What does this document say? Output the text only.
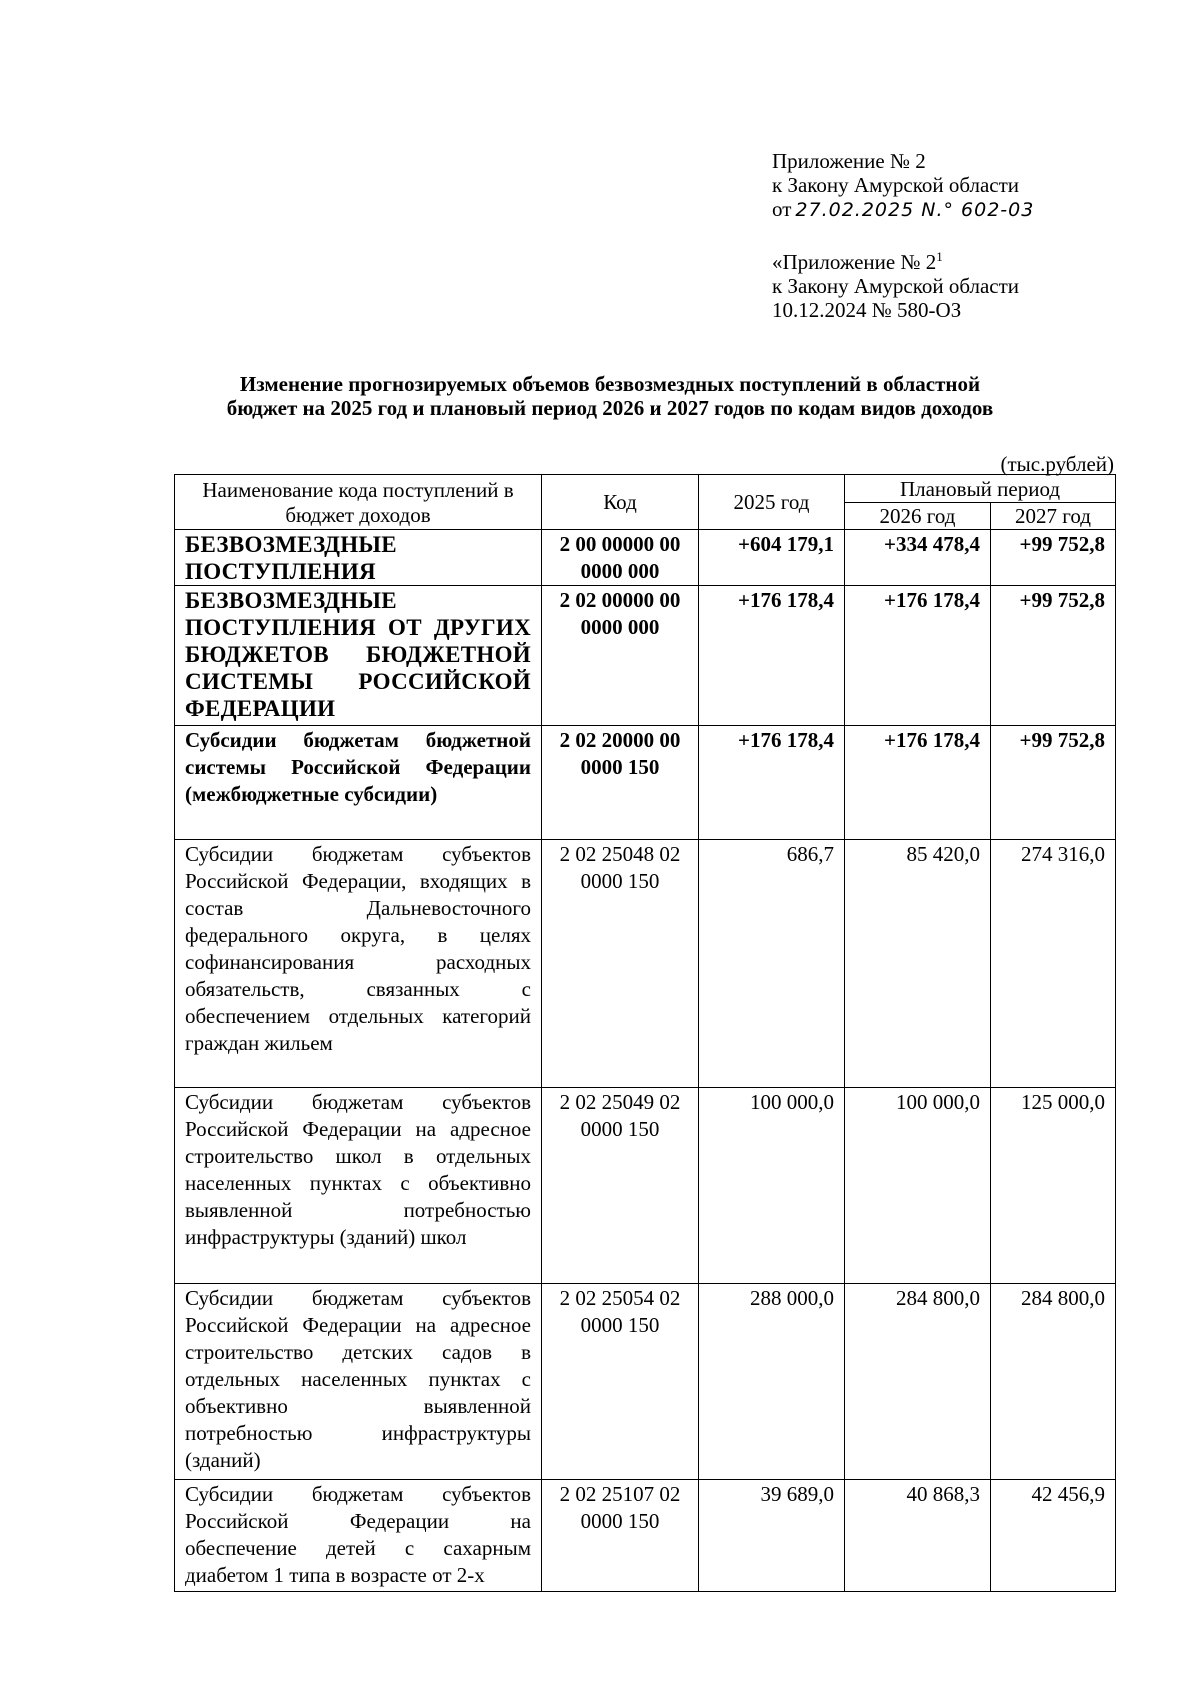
Приложение № 2
к Закону Амурской области
от 27.02.2025 N.° 602-03
«Приложение № $2^1$
к Закону Амурской области
10.12.2024 № 580-ОЗ
Изменение прогнозируемых объемов безвозмездных поступлений в областной
бюджет на 2025 год и плановый период 2026 и 2027 годов по кодам видов доходов
(тыс.рублей)
Наименование кода поступлений в бюджет доходов	Код	2025 год	Плановый период	
			2026 год	2027 год
БЕЗВОЗМЕЗДНЫЕ ПОСТУПЛЕНИЯ	2 00 00000 00 0000 000	+604 179,1	+334 478,4	+99 752,8
БЕЗВОЗМЕЗДНЫЕ ПОСТУПЛЕНИЯ ОТ ДРУГИХ БЮДЖЕТОВ БЮДЖЕТНОЙ СИСТЕМЫ РОССИЙСКОЙ ФЕДЕРАЦИИ	2 02 00000 00 0000 000	+176 178,4	+176 178,4	+99 752,8
Субсидии бюджетам бюджетной системы Российской Федерации (межбюджетные субсидии)	2 02 20000 00 0000 150	+176 178,4	+176 178,4	+99 752,8
Субсидии бюджетам субъектов Российской Федерации, входящих в состав Дальневосточного федерального округа, в целях софинансирования расходных обязательств, связанных с обеспечением отдельных категорий граждан жильем	2 02 25048 02 0000 150	686,7	85 420,0	274 316,0
Субсидии бюджетам субъектов Российской Федерации на адресное строительство школ в отдельных населенных пунктах с объективно выявленной потребностью инфраструктуры (зданий) школ	2 02 25049 02 0000 150	100 000,0	100 000,0	125 000,0
Субсидии бюджетам субъектов Российской Федерации на адресное строительство детских садов в отдельных населенных пунктах с объективно выявленной потребностью инфраструктуры (зданий)	2 02 25054 02 0000 150	288 000,0	284 800,0	284 800,0
Субсидии бюджетам субъектов Российской Федерации на обеспечение детей с сахарным диабетом 1 типа в возрасте от 2-х	2 02 25107 02 0000 150	39 689,0	40 868,3	42 456,9
